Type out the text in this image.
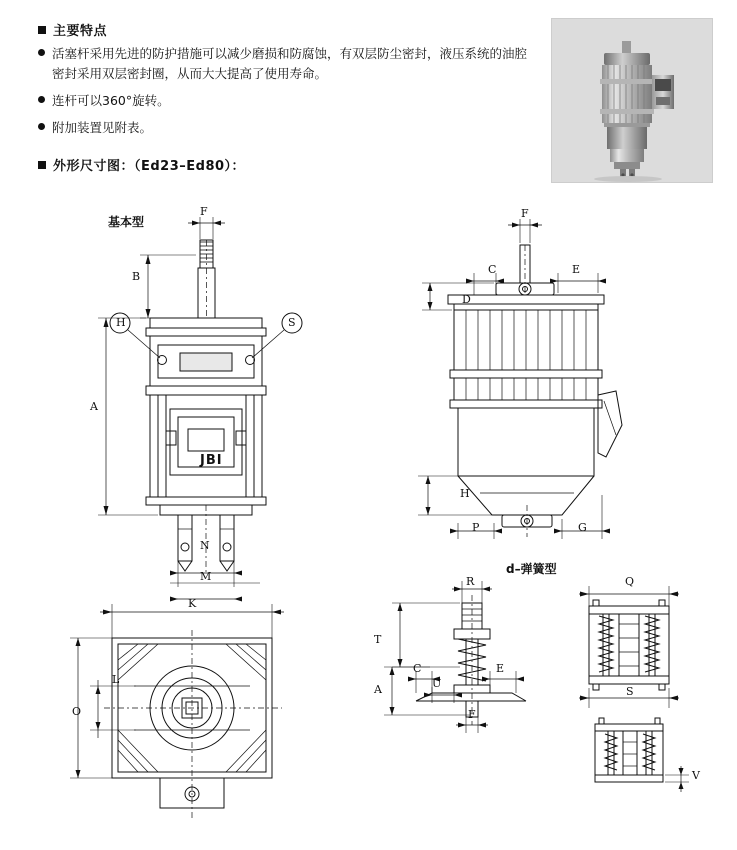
主要特点
活塞杆采用先进的防护措施可以减少磨损和防腐蚀，有双层防尘密封，液压系统的油腔密封采用双层密封圈，从而大大提高了使用寿命。
连杆可以360°旋转。
附加装置见附表。
外形尺寸图：（Ed23–Ed80）：
基本型
d–弹簧型
F
B
H	S
A
N
M
JBI
F
E
C
D
H
P	G
K
L
O
R
T
C
U
E
A
F
Q
S
V
